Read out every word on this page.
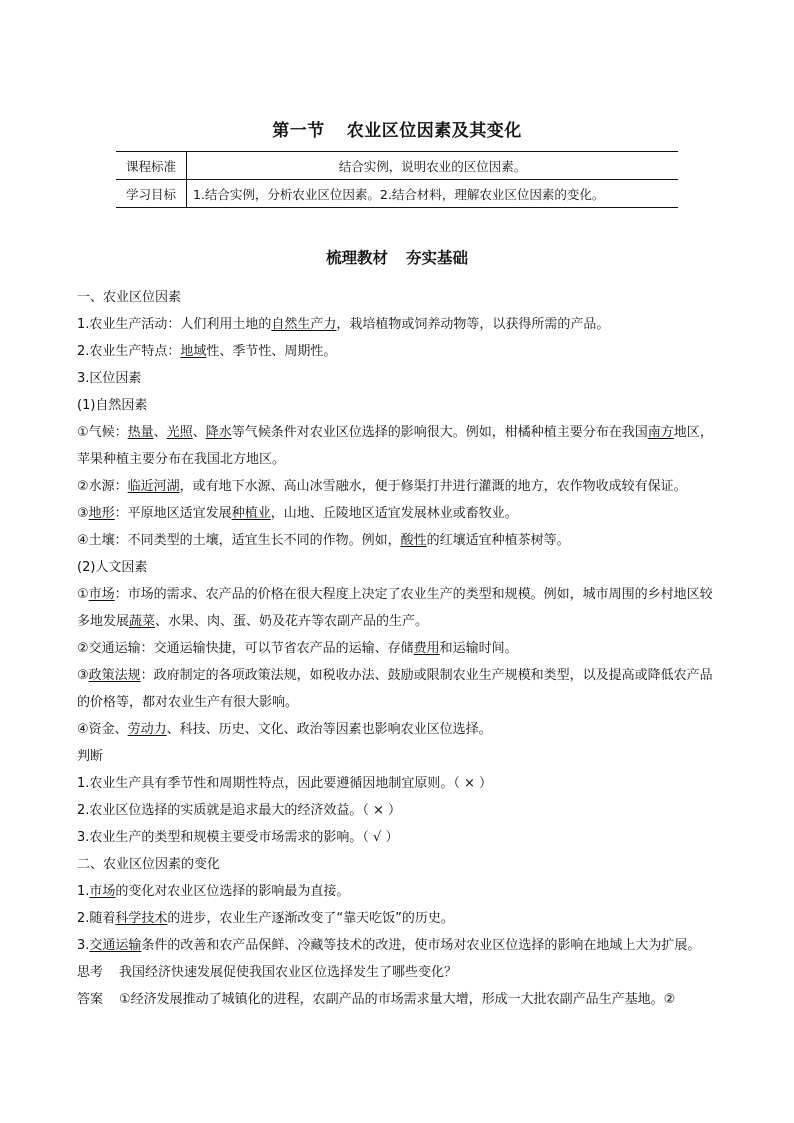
第一节 农业区位因素及其变化
课程标准	结合实例，说明农业的区位因素。
学习目标	1.结合实例，分析农业区位因素。2.结合材料，理解农业区位因素的变化。
梳理教材 夯实基础
一、农业区位因素
1.农业生产活动：人们利用土地的自然生产力，栽培植物或饲养动物等，以获得所需的产品。
2.农业生产特点：地域性、季节性、周期性。
3.区位因素
(1)自然因素
①气候：热量、光照、降水等气候条件对农业区位选择的影响很大。例如，柑橘种植主要分布在我国南方地区，苹果种植主要分布在我国北方地区。
②水源：临近河湖，或有地下水源、高山冰雪融水，便于修渠打井进行灌溉的地方，农作物收成较有保证。
③地形：平原地区适宜发展种植业，山地、丘陵地区适宜发展林业或畜牧业。
④土壤：不同类型的土壤，适宜生长不同的作物。例如，酸性的红壤适宜种植茶树等。
(2)人文因素
①市场：市场的需求、农产品的价格在很大程度上决定了农业生产的类型和规模。例如，城市周围的乡村地区较多地发展蔬菜、水果、肉、蛋、奶及花卉等农副产品的生产。
②交通运输：交通运输快捷，可以节省农产品的运输、存储费用和运输时间。
③政策法规：政府制定的各项政策法规，如税收办法、鼓励或限制农业生产规模和类型，以及提高或降低农产品的价格等，都对农业生产有很大影响。
④资金、劳动力、科技、历史、文化、政治等因素也影响农业区位选择。
判断
1.农业生产具有季节性和周期性特点，因此要遵循因地制宜原则。（ × ）
2.农业区位选择的实质就是追求最大的经济效益。（ × ）
3.农业生产的类型和规模主要受市场需求的影响。（ √ ）
二、农业区位因素的变化
1.市场的变化对农业区位选择的影响最为直接。
2.随着科学技术的进步，农业生产逐渐改变了“靠天吃饭”的历史。
3.交通运输条件的改善和农产品保鲜、冷藏等技术的改进，使市场对农业区位选择的影响在地域上大为扩展。
思考 我国经济快速发展促使我国农业区位选择发生了哪些变化？
答案 ①经济发展推动了城镇化的进程，农副产品的市场需求量大增，形成一大批农副产品生产基地。②
